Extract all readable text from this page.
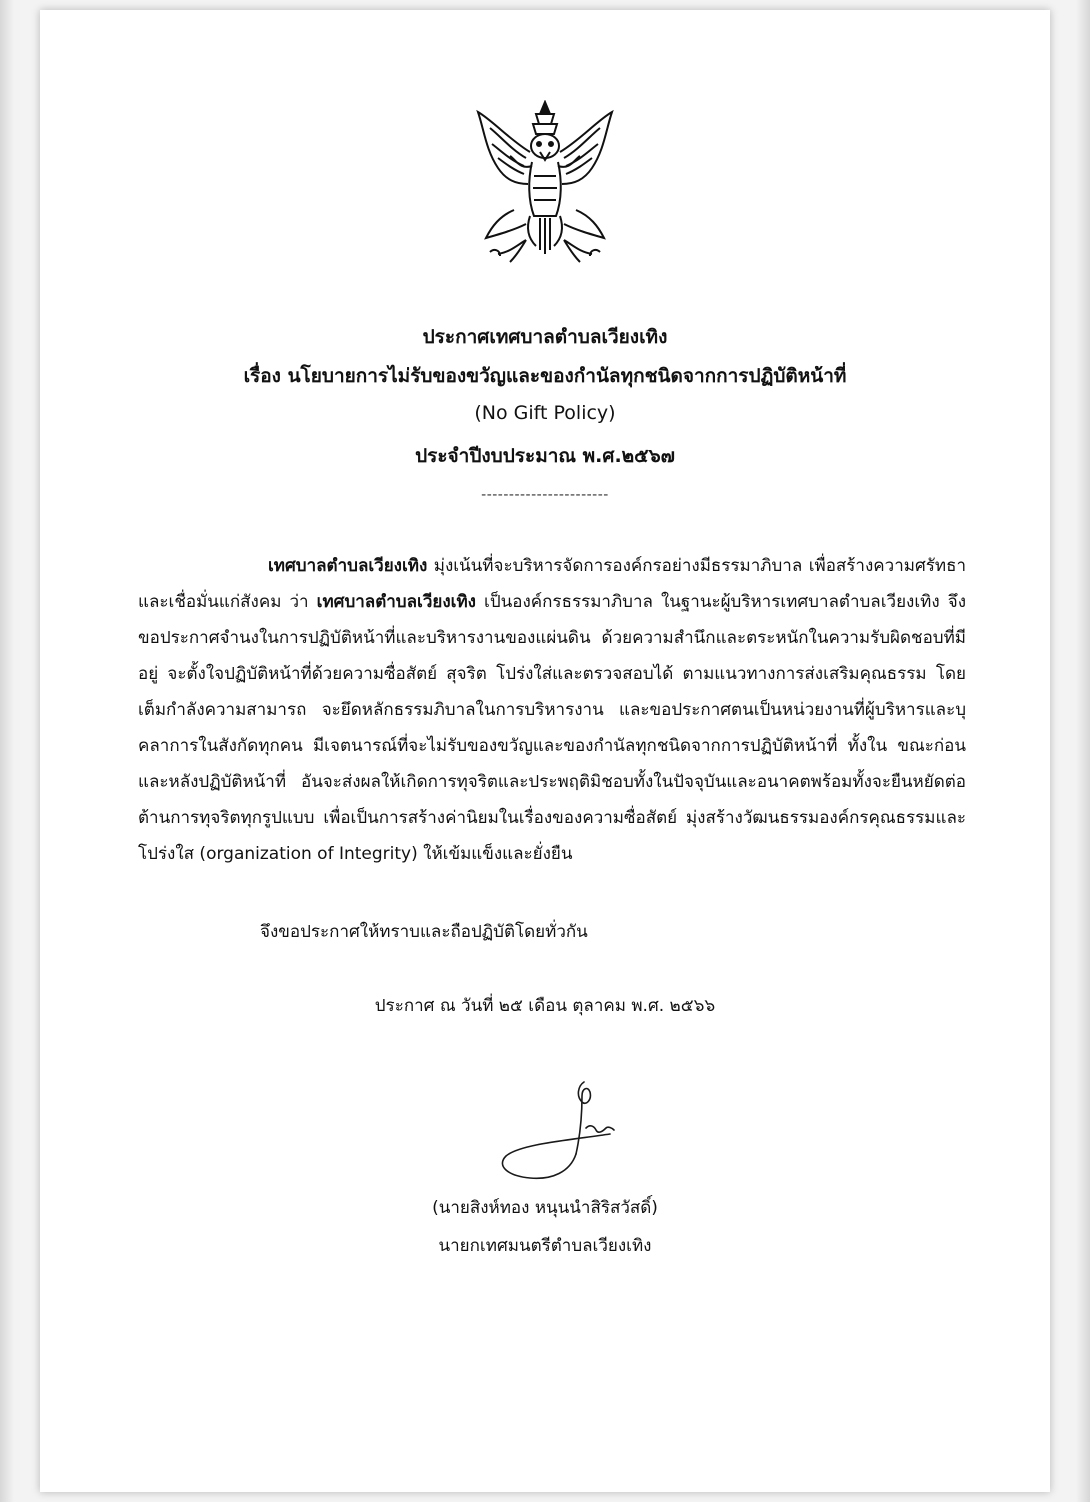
ประกาศเทศบาลตำบลเวียงเทิง
เรื่อง นโยบายการไม่รับของขวัญและของกำนัลทุกชนิดจากการปฏิบัติหน้าที่
(No Gift Policy)
ประจำปีงบประมาณ พ.ศ.๒๕๖๗
-----------------------
เทศบาลตำบลเวียงเทิง มุ่งเน้นที่จะบริหารจัดการองค์กรอย่างมีธรรมาภิบาล เพื่อสร้างความศรัทธาและเชื่อมั่นแก่สังคม ว่า เทศบาลตำบลเวียงเทิง เป็นองค์กรธรรมาภิบาล ในฐานะผู้บริหารเทศบาลตำบลเวียงเทิง จึงขอประกาศจำนงในการปฏิบัติหน้าที่และบริหารงานของแผ่นดิน ด้วยความสำนึกและตระหนักในความรับผิดชอบที่มีอยู่ จะตั้งใจปฏิบัติหน้าที่ด้วยความซื่อสัตย์ สุจริต โปร่งใส่และตรวจสอบได้ ตามแนวทางการส่งเสริมคุณธรรม โดยเต็มกำลังความสามารถ จะยึดหลักธรรมภิบาลในการบริหารงาน และขอประกาศตนเป็นหน่วยงานที่ผู้บริหารและบุคลาการในสังกัดทุกคน มีเจตนารณ์ที่จะไม่รับของขวัญและของกำนัลทุกชนิดจากการปฏิบัติหน้าที่ ทั้งใน ขณะก่อนและหลังปฏิบัติหน้าที่ อันจะส่งผลให้เกิดการทุจริตและประพฤติมิชอบทั้งในปัจจุบันและอนาคตพร้อมทั้งจะยืนหยัดต่อต้านการทุจริตทุกรูปแบบ เพื่อเป็นการสร้างค่านิยมในเรื่องของความซื่อสัตย์ มุ่งสร้างวัฒนธรรมองค์กรคุณธรรมและโปร่งใส (organization of Integrity) ให้เข้มแข็งและยั่งยืน
จึงขอประกาศให้ทราบและถือปฏิบัติโดยทั่วกัน
ประกาศ ณ วันที่ ๒๕ เดือน ตุลาคม พ.ศ. ๒๕๖๖
(นายสิงห์ทอง หนุนนำสิริสวัสดิ์)
นายกเทศมนตรีตำบลเวียงเทิง
